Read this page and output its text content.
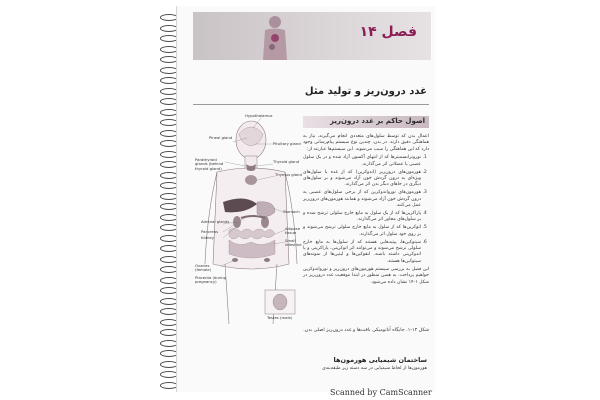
فصل ۱۴
غدد درون‌ریز و تولید مثل
اصول حاکم بر غدد درون‌ریز

اعمال بدن که توسط سلول‌های متعددی انجام می‌گیرند، نیاز به هماهنگی دقیق دارند. در بدن، چندین نوع سیستم پیام‌رسانی وجود دارد که این هماهنگی را سبب می‌شوند. این سیستم‌ها عبارتند از:

1. نوروترانسمیترها که از انتهای آکسون آزاد شده و در یک سلول عصبی یا عضلانی اثر می‌گذارند.
2. هورمون‌های درون‌ریز (اندوکرین) که از غده یا سلول‌های ویژه‌ای به درون گردش خون آزاد می‌شوند و بر سلول‌های دیگری در جاهای دیگر بدن اثر می‌گذارند.
3. هورمون‌های نورواندوکرین که از برخی سلول‌های عصبی به درون گردش خون آزاد می‌شوند و همانند هورمون‌های درون‌ریز عمل می‌کنند.
4. پاراکرین‌ها که از یک سلول به مایع خارج سلولی ترشح شده و بر سلول‌های مجاور اثر می‌گذارند.
5. اتوکرین‌ها که از سلول به مایع خارج سلولی ترشح می‌شوند و بر روی خود سلول اثر می‌گذارند.
6. سیتوکین‌ها، پپتیدهایی هستند که از سلول‌ها به مایع خارج سلولی ترشح می‌شوند و می‌توانند اثر اتوکرینی، پاراکرینی و یا اندوکرینی داشته باشند. لنفوکین‌ها و لپتین‌ها از نمونه‌های سیتوکین‌ها هستند.

این فصل به بررسی سیستم هورمون‌های درون‌ریز و نورواندوکرین خواهیم پرداخت. به همین منظور در ابتدا موقعیت غدد درون‌ریز در شکل ۱-۱۴ نشان داده می‌شود.

Hypothalamus
Pineal gland
Pituitary gland
Parathyroid glands (behind thyroid gland)
Thyroid gland
Thymus gland
Stomach
Adrenal glands
Pancreas
Kidney
Adipose tissue
Small intestine
Ovaries (female)
Placenta (during pregnancy)
Testes (male)
شکل ۱۴-۱. جایگاه آناتومیکی بافت‌ها و غدد درون‌ریز اصلی بدن.
ساختمان شیمیایی هورمون‌ها
هورمون‌ها از لحاظ شیمیایی در سه دسته زیر طبقه‌بندی
Scanned by CamScanner
